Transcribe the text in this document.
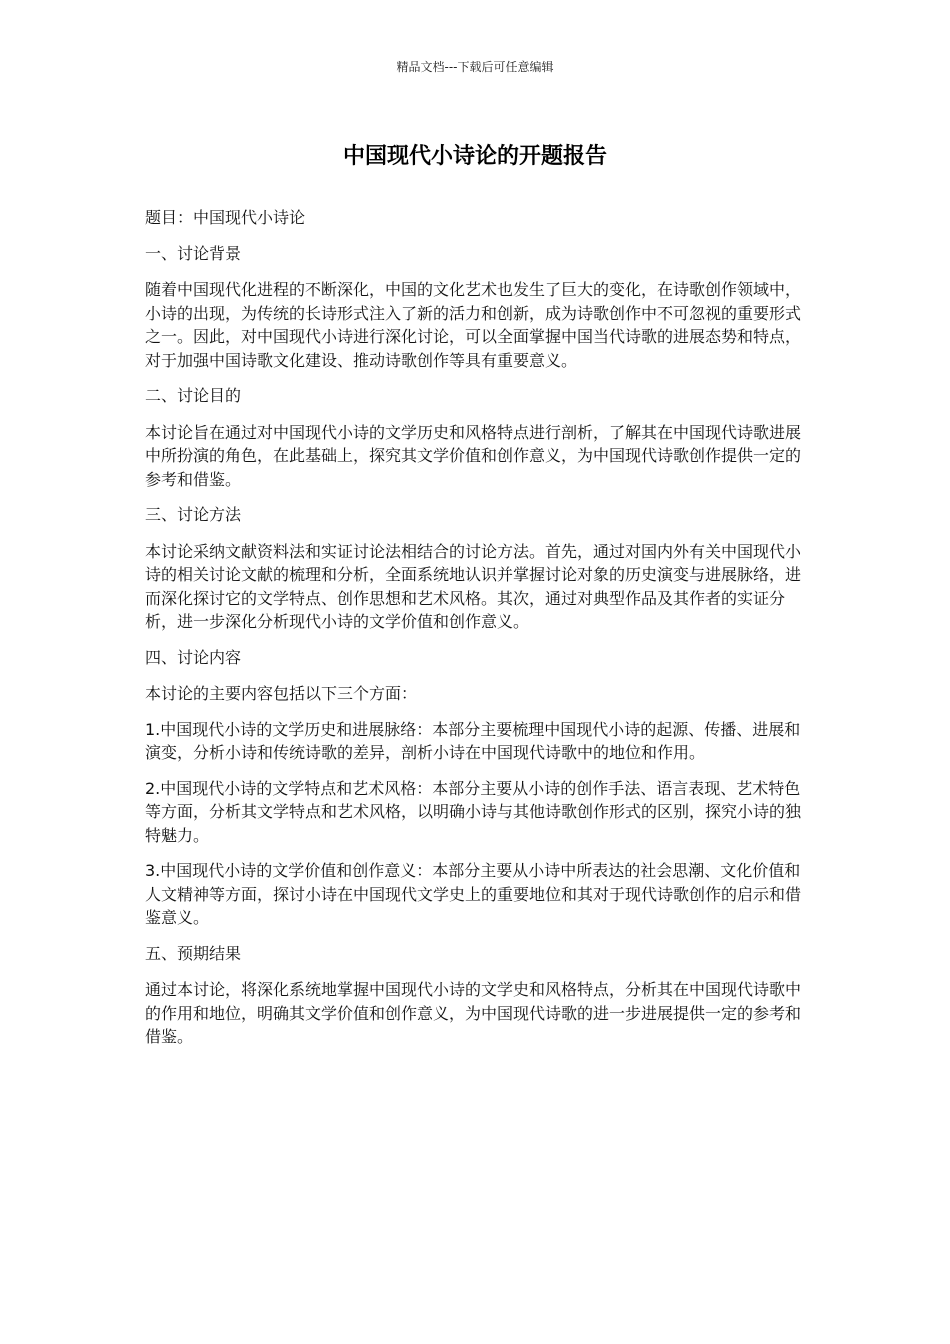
精品文档---下载后可任意编辑
中国现代小诗论的开题报告

题目：中国现代小诗论

一、讨论背景

随着中国现代化进程的不断深化，中国的文化艺术也发生了巨大的变化，在诗歌创作领域中，小诗的出现，为传统的长诗形式注入了新的活力和创新，成为诗歌创作中不可忽视的重要形式之一。因此，对中国现代小诗进行深化讨论，可以全面掌握中国当代诗歌的进展态势和特点，对于加强中国诗歌文化建设、推动诗歌创作等具有重要意义。

二、讨论目的

本讨论旨在通过对中国现代小诗的文学历史和风格特点进行剖析，了解其在中国现代诗歌进展中所扮演的角色，在此基础上，探究其文学价值和创作意义，为中国现代诗歌创作提供一定的参考和借鉴。

三、讨论方法

本讨论采纳文献资料法和实证讨论法相结合的讨论方法。首先，通过对国内外有关中国现代小诗的相关讨论文献的梳理和分析，全面系统地认识并掌握讨论对象的历史演变与进展脉络，进而深化探讨它的文学特点、创作思想和艺术风格。其次，通过对典型作品及其作者的实证分析，进一步深化分析现代小诗的文学价值和创作意义。

四、讨论内容

本讨论的主要内容包括以下三个方面：

1.中国现代小诗的文学历史和进展脉络：本部分主要梳理中国现代小诗的起源、传播、进展和演变，分析小诗和传统诗歌的差异，剖析小诗在中国现代诗歌中的地位和作用。

2.中国现代小诗的文学特点和艺术风格：本部分主要从小诗的创作手法、语言表现、艺术特色等方面，分析其文学特点和艺术风格，以明确小诗与其他诗歌创作形式的区别，探究小诗的独特魅力。

3.中国现代小诗的文学价值和创作意义：本部分主要从小诗中所表达的社会思潮、文化价值和人文精神等方面，探讨小诗在中国现代文学史上的重要地位和其对于现代诗歌创作的启示和借鉴意义。

五、预期结果

通过本讨论，将深化系统地掌握中国现代小诗的文学史和风格特点，分析其在中国现代诗歌中的作用和地位，明确其文学价值和创作意义，为中国现代诗歌的进一步进展提供一定的参考和借鉴。
